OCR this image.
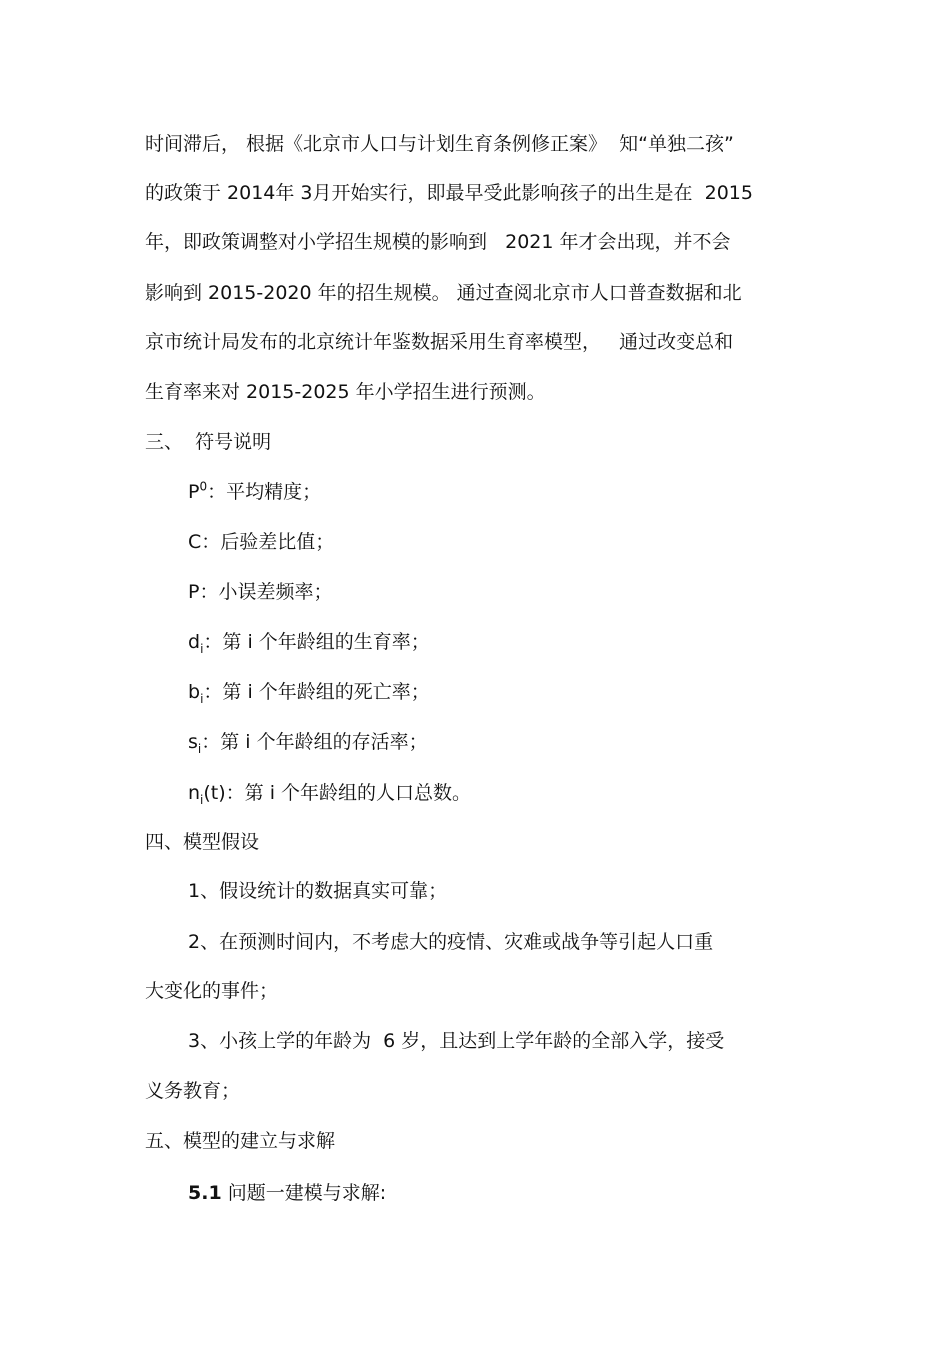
时间滞后， 根据《北京市人口与计划生育条例修正案》  知“单独二孩”
的政策于 2014年 3月开始实行，即最早受此影响孩子的出生是在  2015
年，即政策调整对小学招生规模的影响到   2021 年才会出现，并不会
影响到 2015-2020 年的招生规模。 通过查阅北京市人口普查数据和北
京市统计局发布的北京统计年鉴数据采用生育率模型，   通过改变总和
生育率来对 2015-2025 年小学招生进行预测。
三、  符号说明
$P^0$：平均精度；
C：后验差比值；
P：小误差频率；
$d_i$：第 i 个年龄组的生育率；
$b_i$：第 i 个年龄组的死亡率；
$s_i$：第 i 个年龄组的存活率；
$n_i(t)$：第 i 个年龄组的人口总数。
四、模型假设
1、假设统计的数据真实可靠；
2、在预测时间内，不考虑大的疫情、灾难或战争等引起人口重
大变化的事件；
3、小孩上学的年龄为  6 岁，且达到上学年龄的全部入学，接受
义务教育；
五、模型的建立与求解
5.1 问题一建模与求解:
